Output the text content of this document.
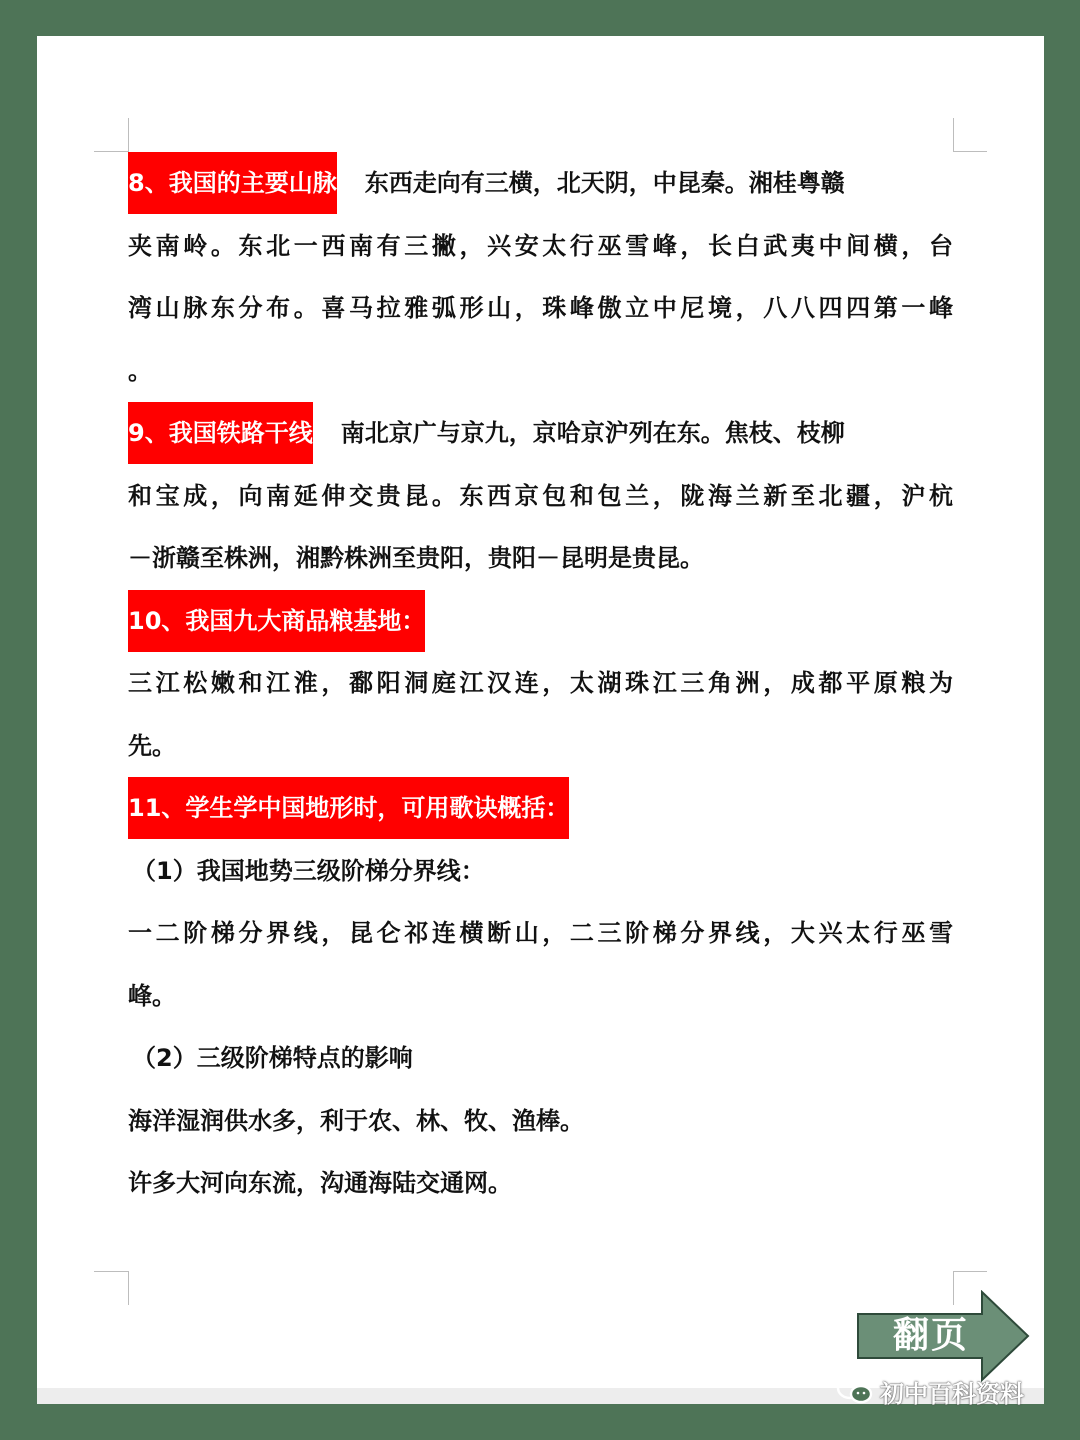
8、我国的主要山脉 东西走向有三横，北天阴，中昆秦。湘桂粤赣
夹南岭。东北一西南有三撇，兴安太行巫雪峰，长白武夷中间横，台
湾山脉东分布。喜马拉雅弧形山，珠峰傲立中尼境，八八四四第一峰
。
9、我国铁路干线 南北京广与京九，京哈京沪列在东。焦枝、枝柳
和宝成，向南延伸交贵昆。东西京包和包兰，陇海兰新至北疆，沪杭
－浙赣至株洲，湘黔株洲至贵阳，贵阳－昆明是贵昆。
10、我国九大商品粮基地：
三江松嫩和江淮，鄱阳洞庭江汉连，太湖珠江三角洲，成都平原粮为
先。
11、学生学中国地形时，可用歌诀概括：
（1）我国地势三级阶梯分界线：
一二阶梯分界线，昆仑祁连横断山，二三阶梯分界线，大兴太行巫雪
峰。
（2）三级阶梯特点的影响
海洋湿润供水多，利于农、林、牧、渔棒。
许多大河向东流，沟通海陆交通网。
翻页
初中百科资料
